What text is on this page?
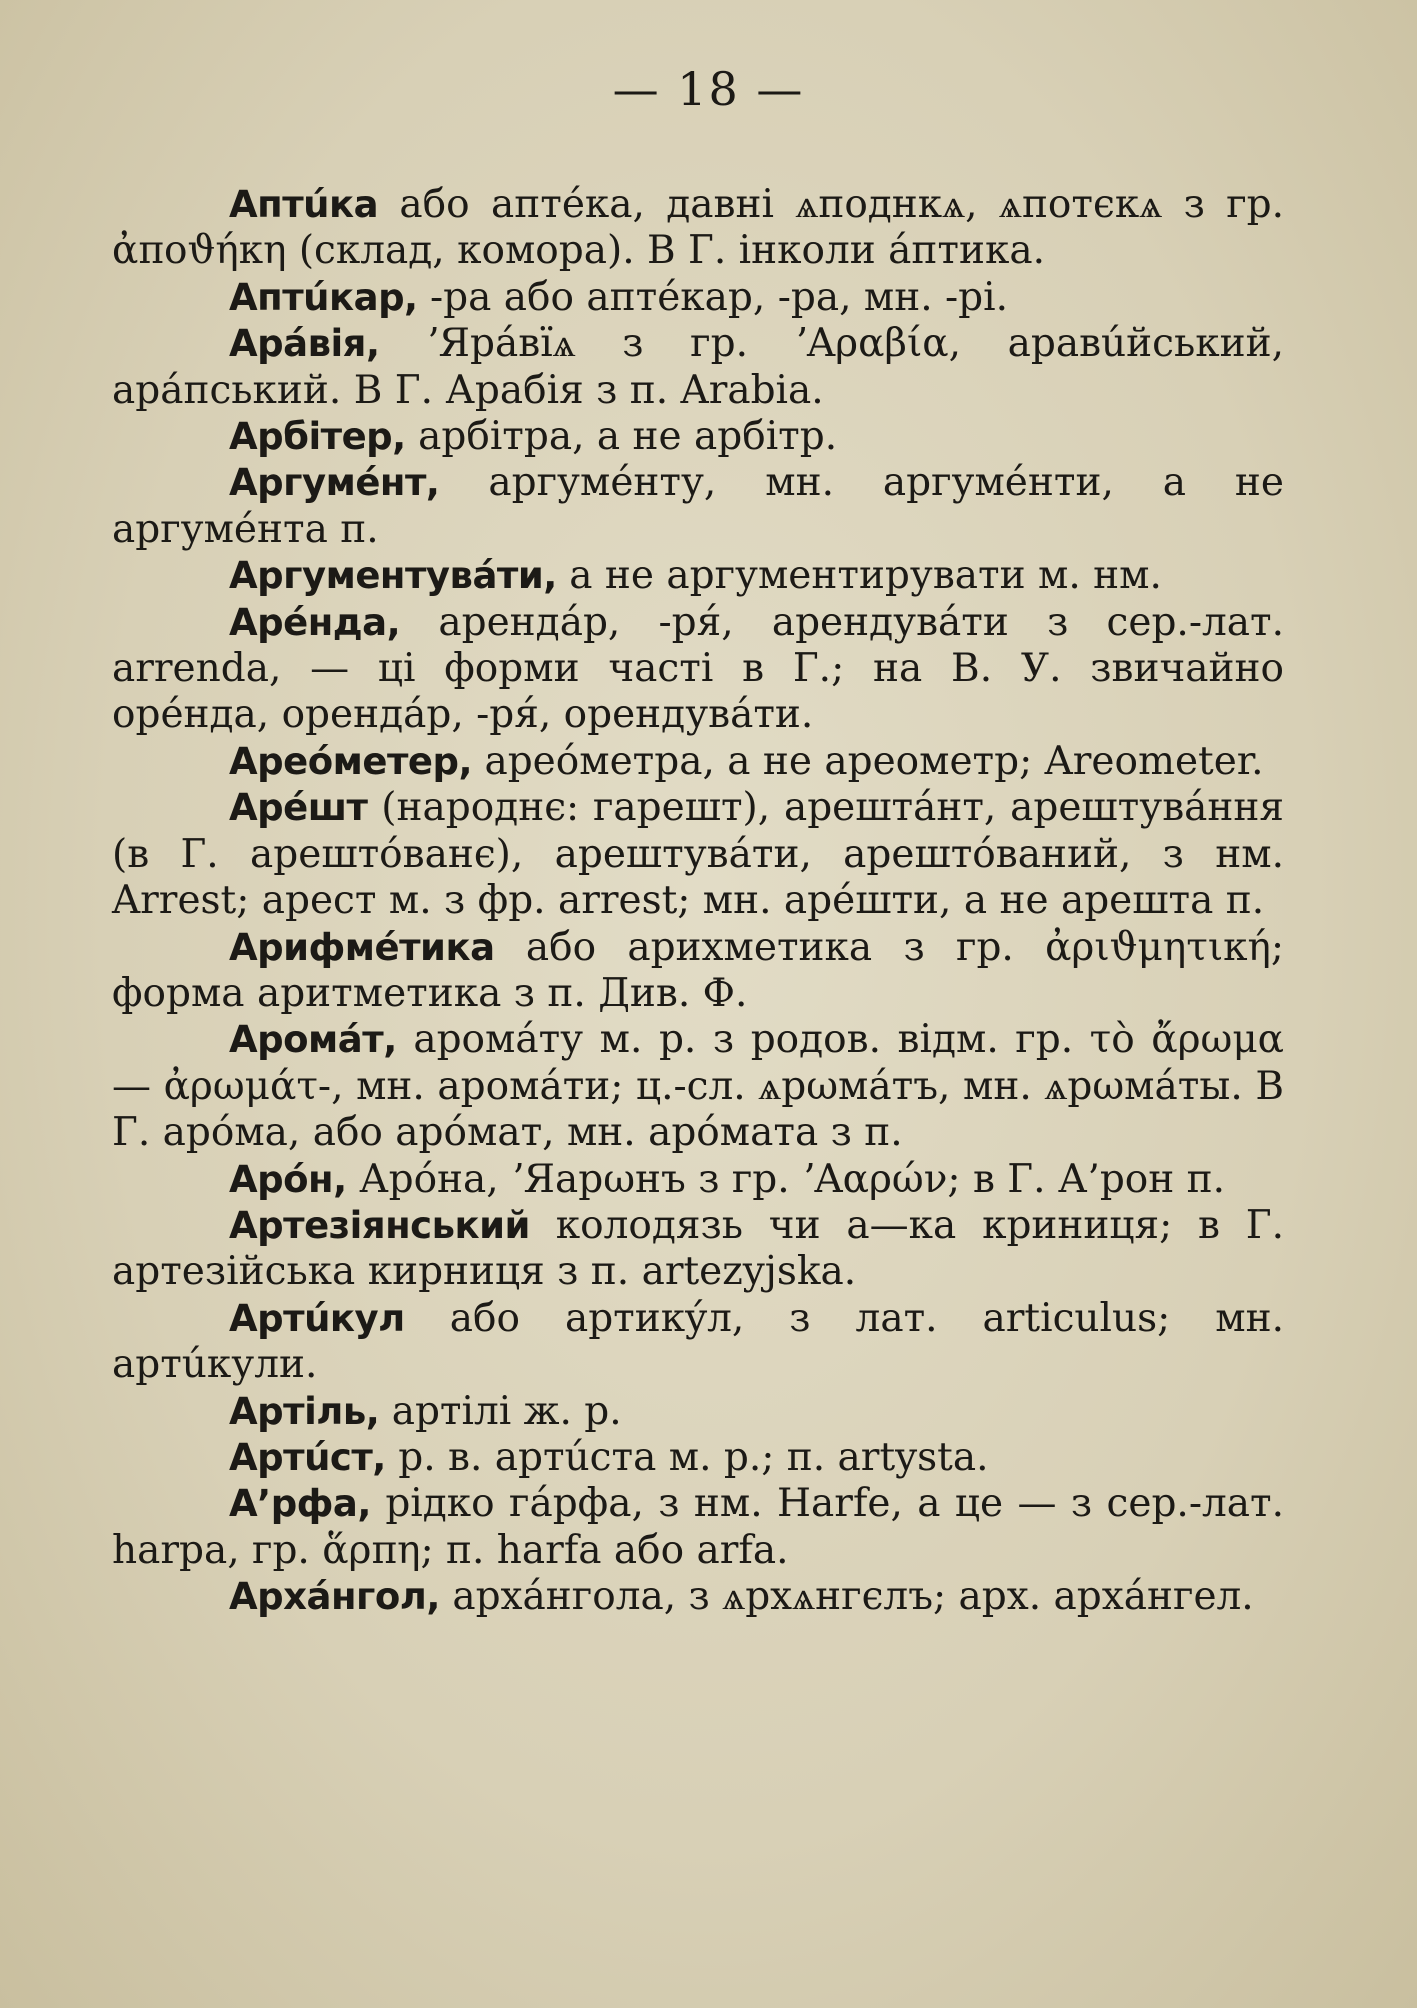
— 18 —

Аптúка або аптéка, давні ѧподнкѧ, ѧпотєкѧ з гр. ἀποϑήκη (склад, комора). В Г. інколи áптика.

Аптúкар, -ра або аптéкар, -ра, мн. -рі.

Арáвія, ʼЯрáвїѧ з гр. ʼΑραβία, аравúйський, арáпський. В Г. Арабія з п. Arabia.

Арбітер, арбітра, а не арбітр.

Аргумéнт, аргумéнту, мн. аргумéнти, а не аргумéнта п.

Аргументувáти, а не аргументирувати м. нм.

Арéнда, арендáр, -ря́, арендувáти з сер.-лат. arrenda, — ці форми часті в Г.; на В. У. звичайно орéнда, орендáр, -ря́, орендувáти.

Ареóметер, ареóметра, а не ареометр; Areometer.

Арéшт (народнє: гарешт), арештáнт, арештувáння (в Г. арештóванє), арештувáти, арештóваний, з нм. Arrest; арест м. з фр. arrest; мн. арéшти, а не арешта п.

Арифмéтика або арихметика з гр. ἀριϑμητική; форма аритметика з п. Див. Ф.

Аромáт, аромáту м. р. з родов. відм. гр. τὸ ἄρωμα — ἀρωμάτ-, мн. аромáти; ц.-сл. ѧрωмáтъ, мн. ѧрωмáты. В Г. арóма, або арóмат, мн. арóмата з п.

Арóн, Арóна, ʼЯарωнъ з гр. ʼΑαρών; в Г. А’рон п.

Артезіянський колодязь чи а—ка криниця; в Г. артезійська кирниця з п. artezyjska.

Артúкул або артикýл, з лат. articulus; мн. артúкули.

Артіль, артілі ж. р.

Артúст, р. в. артúста м. р.; п. artysta.

А’рфа, рідко гáрфа, з нм. Harfe, а це — з сер.-лат. harpa, гр. ἅρπη; п. harfa або arfa.

Архáнгол, архáнгола, з ѧрхѧнгєлъ; арх. архáнгел.
